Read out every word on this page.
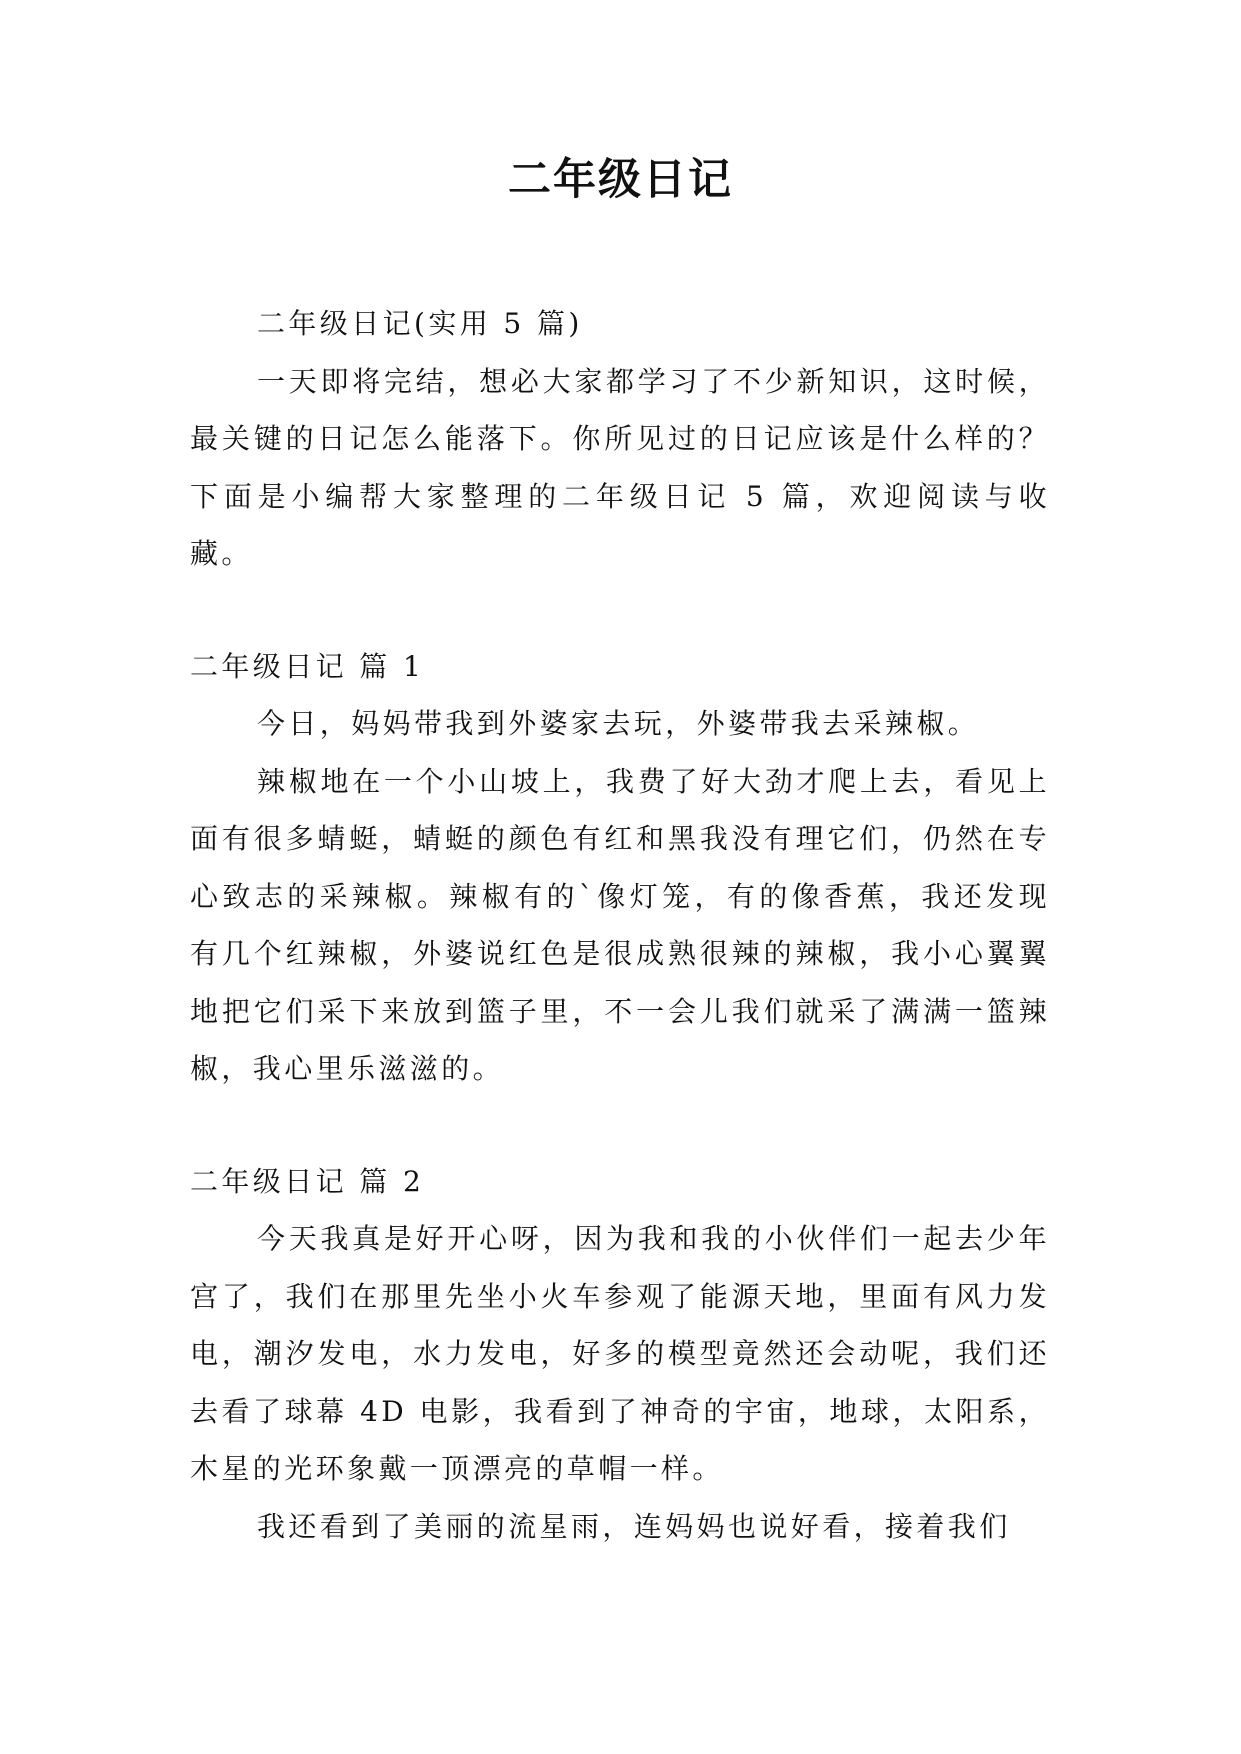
二年级日记

二年级日记(实用 5 篇)

一天即将完结，想必大家都学习了不少新知识，这时候，最关键的日记怎么能落下。你所见过的日记应该是什么样的？下面是小编帮大家整理的二年级日记 5 篇，欢迎阅读与收藏。

二年级日记 篇 1

今日，妈妈带我到外婆家去玩，外婆带我去采辣椒。

辣椒地在一个小山坡上，我费了好大劲才爬上去，看见上面有很多蜻蜓，蜻蜓的颜色有红和黑我没有理它们，仍然在专心致志的采辣椒。辣椒有的`像灯笼，有的像香蕉，我还发现有几个红辣椒，外婆说红色是很成熟很辣的辣椒，我小心翼翼地把它们采下来放到篮子里，不一会儿我们就采了满满一篮辣椒，我心里乐滋滋的。

二年级日记 篇 2

今天我真是好开心呀，因为我和我的小伙伴们一起去少年宫了，我们在那里先坐小火车参观了能源天地，里面有风力发电，潮汐发电，水力发电，好多的模型竟然还会动呢，我们还去看了球幕 4D 电影，我看到了神奇的宇宙，地球，太阳系，木星的光环象戴一顶漂亮的草帽一样。

我还看到了美丽的流星雨，连妈妈也说好看，接着我们
